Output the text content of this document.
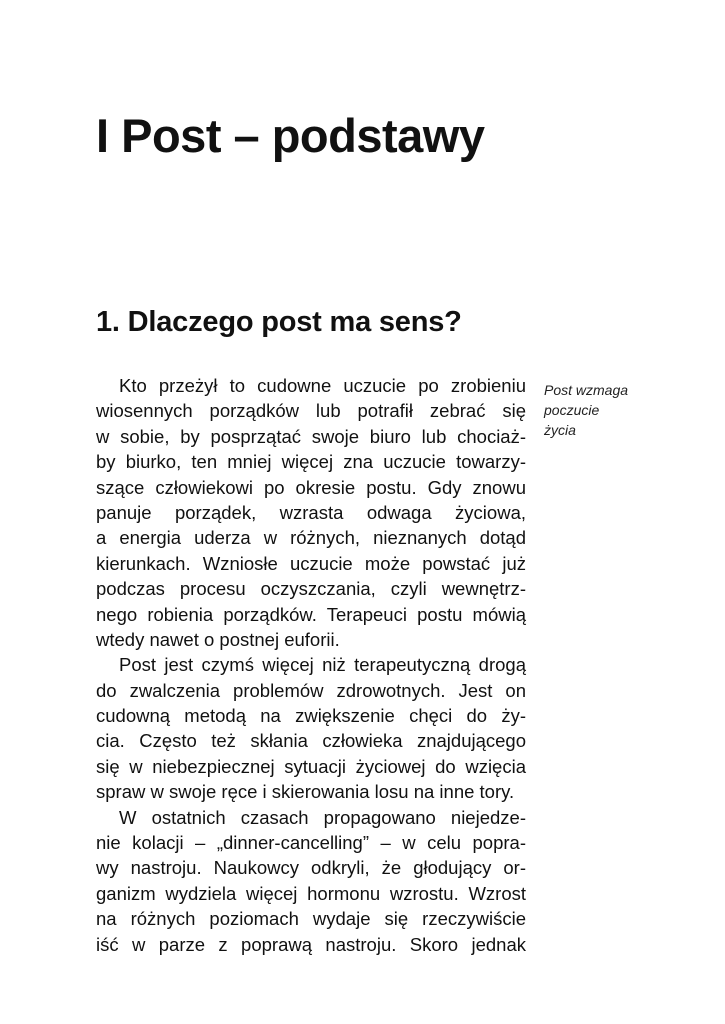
I Post – podstawy
1. Dlaczego post ma sens?
Kto przeżył to cudowne uczucie po zrobieniu
wiosennych porządków lub potrafił zebrać się
w sobie, by posprzątać swoje biuro lub chociaż-
by biurko, ten mniej więcej zna uczucie towarzy-
szące człowiekowi po okresie postu. Gdy znowu
panuje porządek, wzrasta odwaga życiowa,
a energia uderza w różnych, nieznanych dotąd
kierunkach. Wzniosłe uczucie może powstać już
podczas procesu oczyszczania, czyli wewnętrz-
nego robienia porządków. Terapeuci postu mówią
wtedy nawet o postnej euforii.
Post jest czymś więcej niż terapeutyczną drogą
do zwalczenia problemów zdrowotnych. Jest on
cudowną metodą na zwiększenie chęci do ży-
cia. Często też skłania człowieka znajdującego
się w niebezpiecznej sytuacji życiowej do wzięcia
spraw w swoje ręce i skierowania losu na inne tory.
W ostatnich czasach propagowano niejedze-
nie kolacji – „dinner-cancelling” – w celu popra-
wy nastroju. Naukowcy odkryli, że głodujący or-
ganizm wydziela więcej hormonu wzrostu. Wzrost
na różnych poziomach wydaje się rzeczywiście
iść w parze z poprawą nastroju. Skoro jednak
Post wzmaga
poczucie
życia
